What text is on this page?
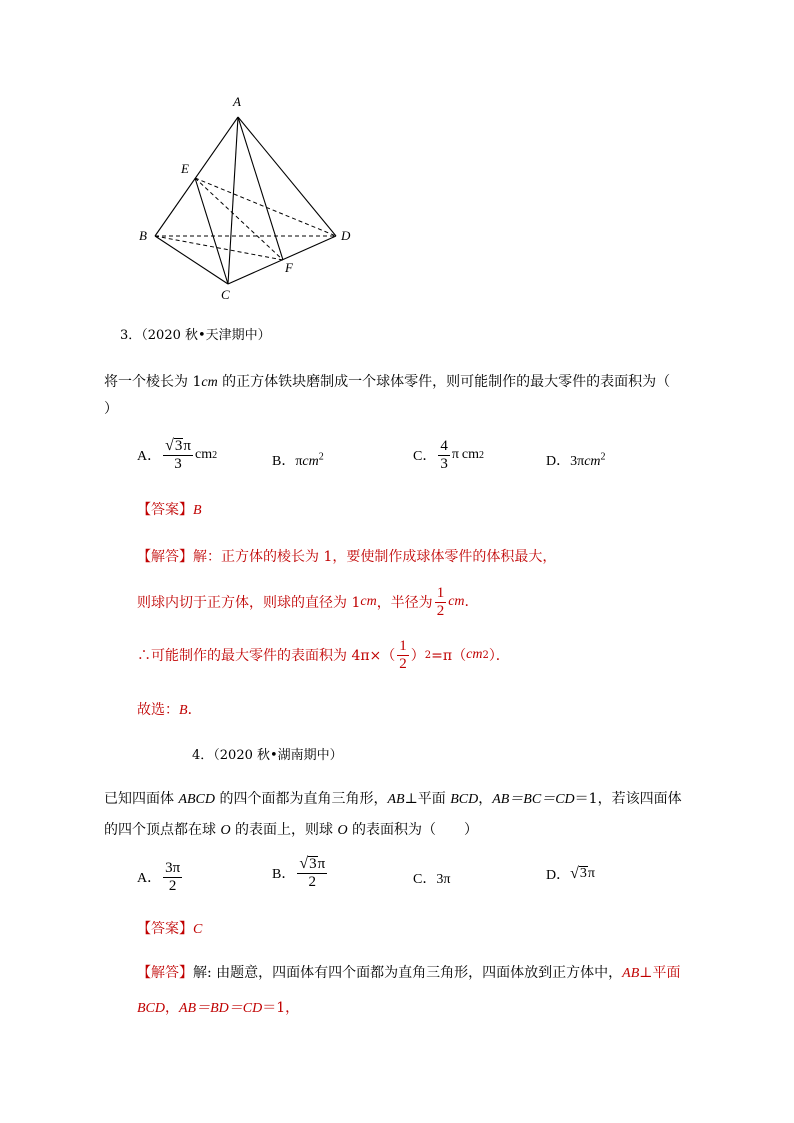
A
B
C
D
E
F
3．（2020 秋•天津期中）
将一个棱长为 1cm 的正方体铁块磨制成一个球体零件，则可能制作的最大零件的表面积为（
）
A． $\frac{√ 3 \pi}{3}$ cm 2	B．πcm$^2$	C． $\frac{4}{3}$ π cm 2	D．3πcm$^2$
【答案】B
【解答】解：正方体的棱长为 1，要使制作成球体零件的体积最大，
则球内切于正方体，则球的直径为 1 cm ，半径为 $\frac{1}{2}$ cm .
∴可能制作的最大零件的表面积为 $4\pi\times( \frac{1}{2}$ ） 2 =π（ cm 2 ）．
故选：B．
4．（2020 秋•湖南期中）
已知四面体 ABCD 的四个面都为直角三角形，AB⊥平面 BCD，AB＝BC＝CD＝1，若该四面体
的四个顶点都在球 O 的表面上，则球 O 的表面积为（　　）
A． $\frac{3\pi}{2}$	B． $\frac{√ 3 \pi}{2}$	C．3π	D． √ 3 π
【答案】C
【解答】解: 由题意，四面体有四个面都为直角三角形，四面体放到正方体中，AB⊥平面
BCD，AB＝BD＝CD＝1，
